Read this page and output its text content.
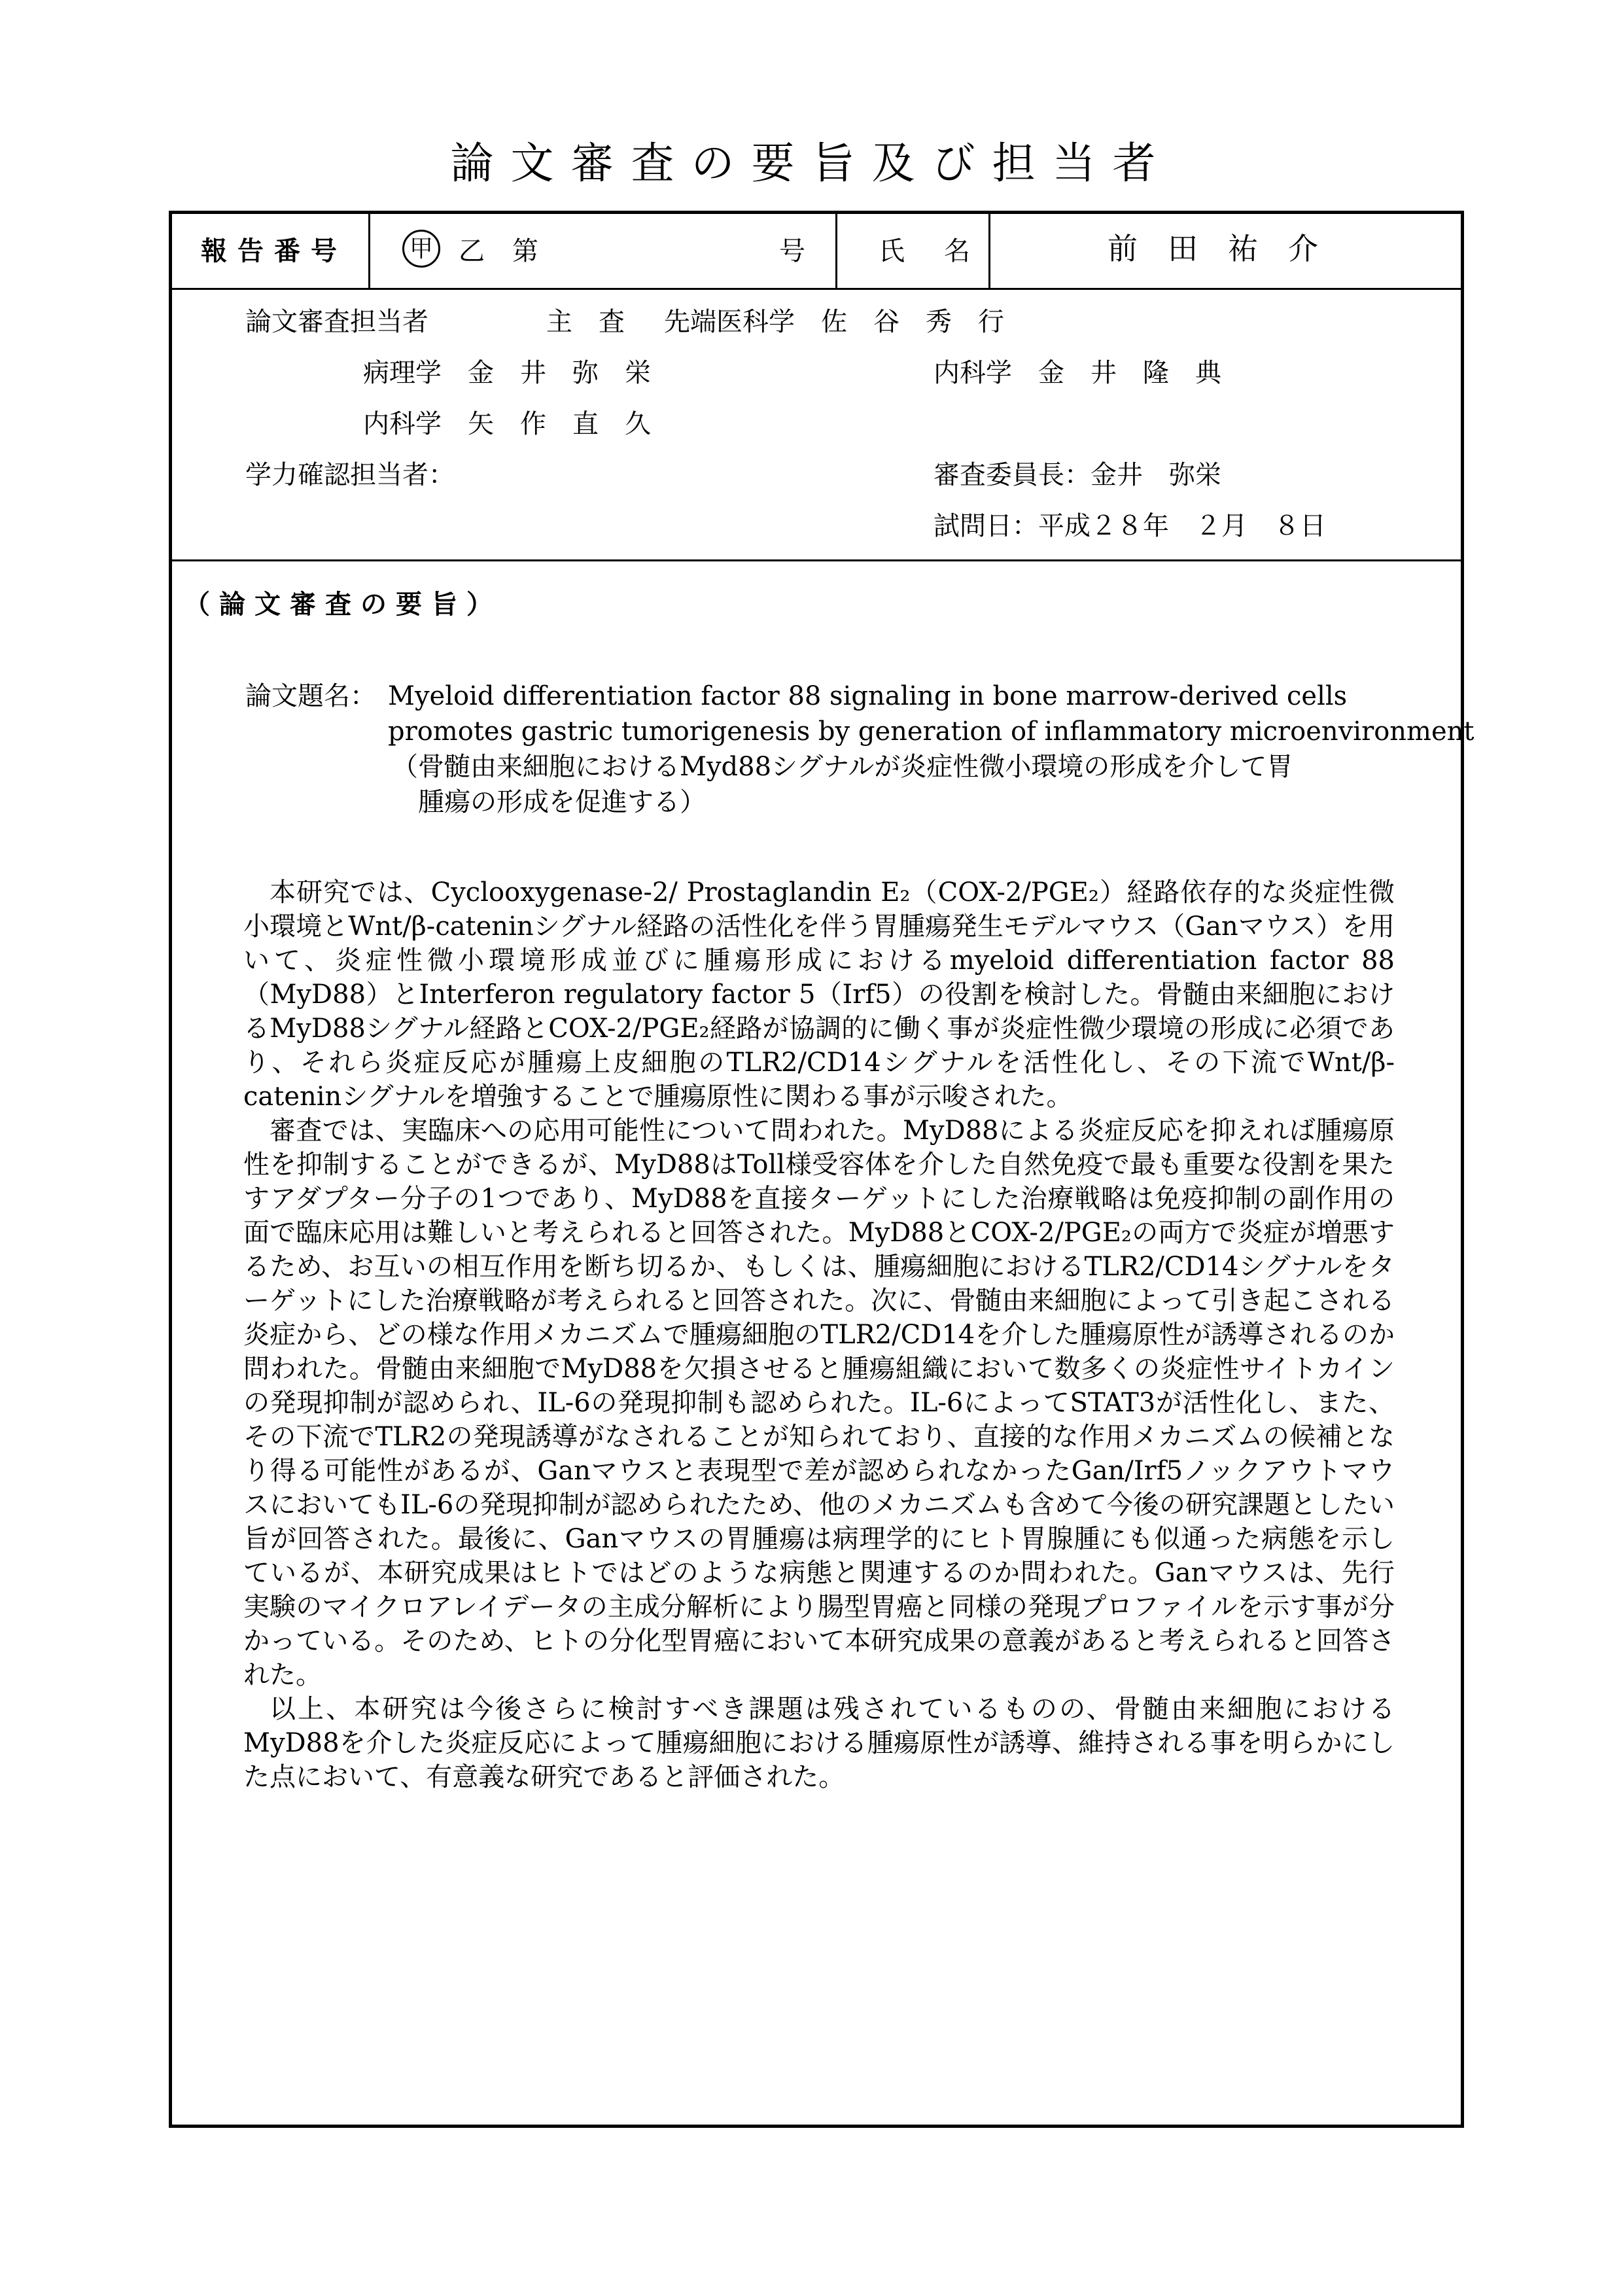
論文審査の要旨及び担当者
報告番号	甲 乙 第	号	氏　名	前　田　祐　介
論文審査担当者	主　査 先端医科学　佐　谷　秀　行
病理学　金　井　弥　栄	内科学　金　井　隆　典
内科学　矢　作　直　久
学力確認担当者：	審査委員長：金井　弥栄
試問日：平成２８年　２月　８日
（論文審査の要旨）
論文題名： Myeloid differentiation factor 88 signaling in bone marrow-derived cells
promotes gastric tumorigenesis by generation of inflammatory microenvironment
（骨髄由来細胞におけるMyd88シグナルが炎症性微小環境の形成を介して胃
腫瘍の形成を促進する）

本研究では、Cyclooxygenase-2/ Prostaglandin E₂（COX-2/PGE₂）経路依存的な炎症性微小環境とWnt/β-cateninシグナル経路の活性化を伴う胃腫瘍発生モデルマウス（Ganマウス）を用いて、炎症性微小環境形成並びに腫瘍形成におけるmyeloid differentiation factor 88（MyD88）とInterferon regulatory factor 5（Irf5）の役割を検討した。骨髄由来細胞におけるMyD88シグナル経路とCOX-2/PGE₂経路が協調的に働く事が炎症性微少環境の形成に必須であり、それら炎症反応が腫瘍上皮細胞のTLR2/CD14シグナルを活性化し、その下流でWnt/β-cateninシグナルを増強することで腫瘍原性に関わる事が示唆された。

審査では、実臨床への応用可能性について問われた。MyD88による炎症反応を抑えれば腫瘍原性を抑制することができるが、MyD88はToll様受容体を介した自然免疫で最も重要な役割を果たすアダプター分子の1つであり、MyD88を直接ターゲットにした治療戦略は免疫抑制の副作用の面で臨床応用は難しいと考えられると回答された。MyD88とCOX-2/PGE₂の両方で炎症が増悪するため、お互いの相互作用を断ち切るか、もしくは、腫瘍細胞におけるTLR2/CD14シグナルをターゲットにした治療戦略が考えられると回答された。次に、骨髄由来細胞によって引き起こされる炎症から、どの様な作用メカニズムで腫瘍細胞のTLR2/CD14を介した腫瘍原性が誘導されるのか問われた。骨髄由来細胞でMyD88を欠損させると腫瘍組織において数多くの炎症性サイトカインの発現抑制が認められ、IL-6の発現抑制も認められた。IL-6によってSTAT3が活性化し、また、その下流でTLR2の発現誘導がなされることが知られており、直接的な作用メカニズムの候補となり得る可能性があるが、Ganマウスと表現型で差が認められなかったGan/Irf5ノックアウトマウスにおいてもIL-6の発現抑制が認められたため、他のメカニズムも含めて今後の研究課題としたい旨が回答された。最後に、Ganマウスの胃腫瘍は病理学的にヒト胃腺腫にも似通った病態を示しているが、本研究成果はヒトではどのような病態と関連するのか問われた。Ganマウスは、先行実験のマイクロアレイデータの主成分解析により腸型胃癌と同様の発現プロファイルを示す事が分かっている。そのため、ヒトの分化型胃癌において本研究成果の意義があると考えられると回答された。

以上、本研究は今後さらに検討すべき課題は残されているものの、骨髄由来細胞におけるMyD88を介した炎症反応によって腫瘍細胞における腫瘍原性が誘導、維持される事を明らかにした点において、有意義な研究であると評価された。
